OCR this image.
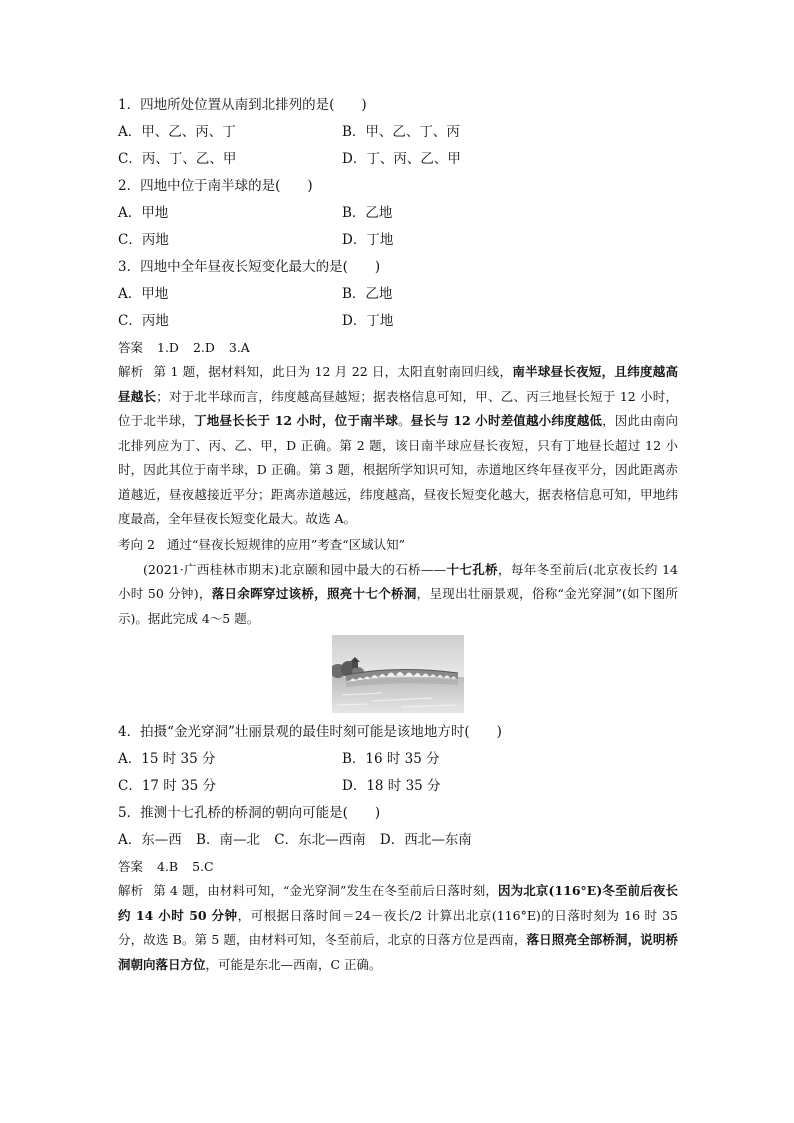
1．四地所处位置从南到北排列的是(　　)
A．甲、乙、丙、丁	B．甲、乙、丁、丙
C．丙、丁、乙、甲	D．丁、丙、乙、甲
2．四地中位于南半球的是(　　)
A．甲地	B．乙地
C．丙地	D．丁地
3．四地中全年昼夜长短变化最大的是(　　)
A．甲地	B．乙地
C．丙地	D．丁地
答案 1.D 2.D 3.A
解析 第 1 题，据材料知，此日为 12 月 22 日，太阳直射南回归线，南半球昼长夜短，且纬度越高昼越长；对于北半球而言，纬度越高昼越短；据表格信息可知，甲、乙、丙三地昼长短于 12 小时，位于北半球，丁地昼长长于 12 小时，位于南半球。昼长与 12 小时差值越小纬度越低，因此由南向北排列应为丁、丙、乙、甲，D 正确。第 2 题，该日南半球应昼长夜短，只有丁地昼长超过 12 小时，因此其位于南半球，D 正确。第 3 题，根据所学知识可知，赤道地区终年昼夜平分，因此距离赤道越近，昼夜越接近平分；距离赤道越远，纬度越高，昼夜长短变化越大，据表格信息可知，甲地纬度最高，全年昼夜长短变化最大。故选 A。
考向 2 通过“昼夜长短规律的应用”考查“区域认知”
(2021·广西桂林市期末)北京颐和园中最大的石桥——十七孔桥，每年冬至前后(北京夜长约 14 小时 50 分钟)，落日余晖穿过该桥，照亮十七个桥洞，呈现出壮丽景观，俗称“金光穿洞”(如下图所示)。据此完成 4～5 题。
4．拍摄“金光穿洞”壮丽景观的最佳时刻可能是该地地方时(　　)
A．15 时 35 分	B．16 时 35 分
C．17 时 35 分	D．18 时 35 分
5．推测十七孔桥的桥洞的朝向可能是(　　)
A．东—西 B．南—北 C．东北—西南 D．西北—东南
答案 4.B 5.C
解析 第 4 题，由材料可知，“金光穿洞”发生在冬至前后日落时刻，因为北京(116°E)冬至前后夜长约 14 小时 50 分钟，可根据日落时间＝24－夜长/2 计算出北京(116°E)的日落时刻为 16 时 35 分，故选 B。第 5 题，由材料可知，冬至前后，北京的日落方位是西南，落日照亮全部桥洞，说明桥洞朝向落日方位，可能是东北—西南，C 正确。
